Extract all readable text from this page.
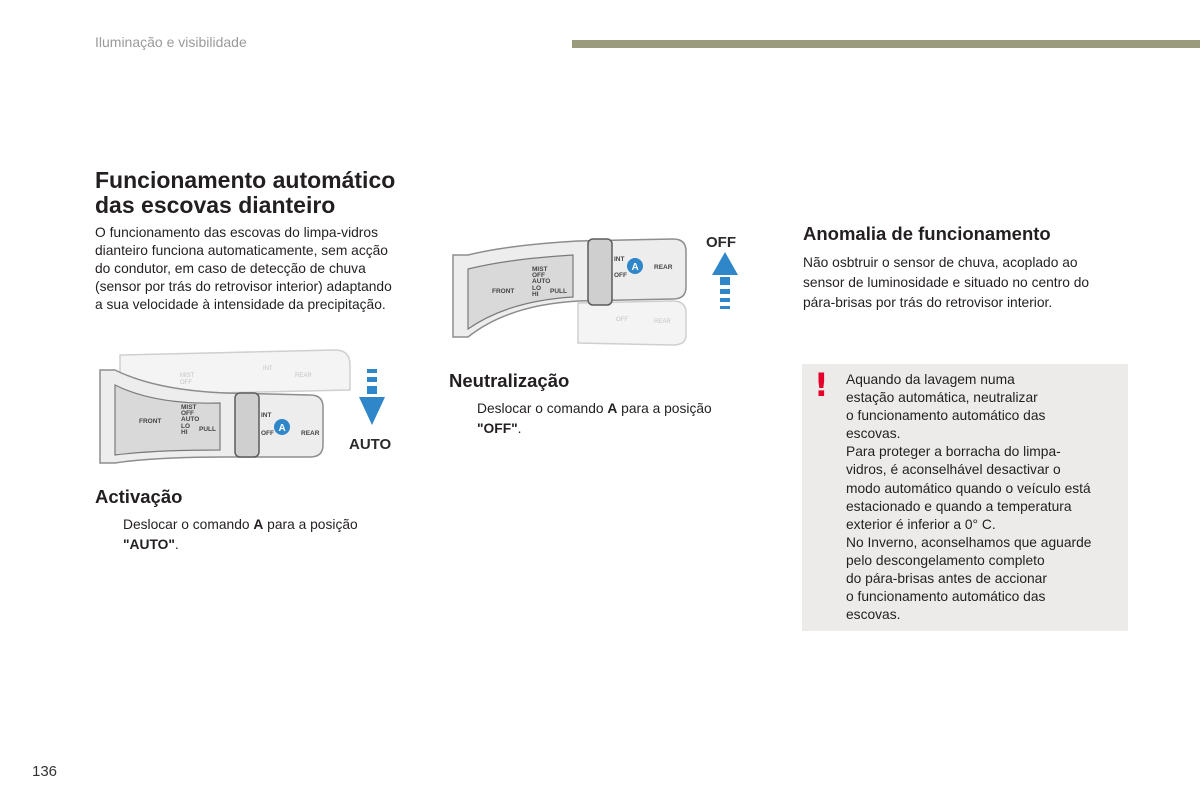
Iluminação e visibilidade
Funcionamento automático
das escovas dianteiro
O funcionamento das escovas do limpa-vidros
dianteiro funciona automaticamente, sem acção
do condutor, em caso de detecção de chuva
(sensor por trás do retrovisor interior) adaptando
a sua velocidade à intensidade da precipitação.
MIST
OFF
INT
REAR
FRONT
MIST
OFF
AUTO
LO
HI PULL
INT
OFF	REAR
A
AUTO
Activação
Deslocar o comando A para a posição
"AUTO".
OFF	REAR
FRONT
MIST
OFF
AUTO
LO
HI PULL
INT
OFF
REAR
A
OFF
Neutralização
Deslocar o comando A para a posição
"OFF".
Anomalia de funcionamento
Não osbtruir o sensor de chuva, acoplado ao
sensor de luminosidade e situado no centro do
pára-brisas por trás do retrovisor interior.
! Aquando da lavagem numa
estação automática, neutralizar
o funcionamento automático das
escovas.
Para proteger a borracha do limpa-
vidros, é aconselhável desactivar o
modo automático quando o veículo está
estacionado e quando a temperatura
exterior é inferior a 0° C.
No Inverno, aconselhamos que aguarde
pelo descongelamento completo
do pára-brisas antes de accionar
o funcionamento automático das
escovas.
136
